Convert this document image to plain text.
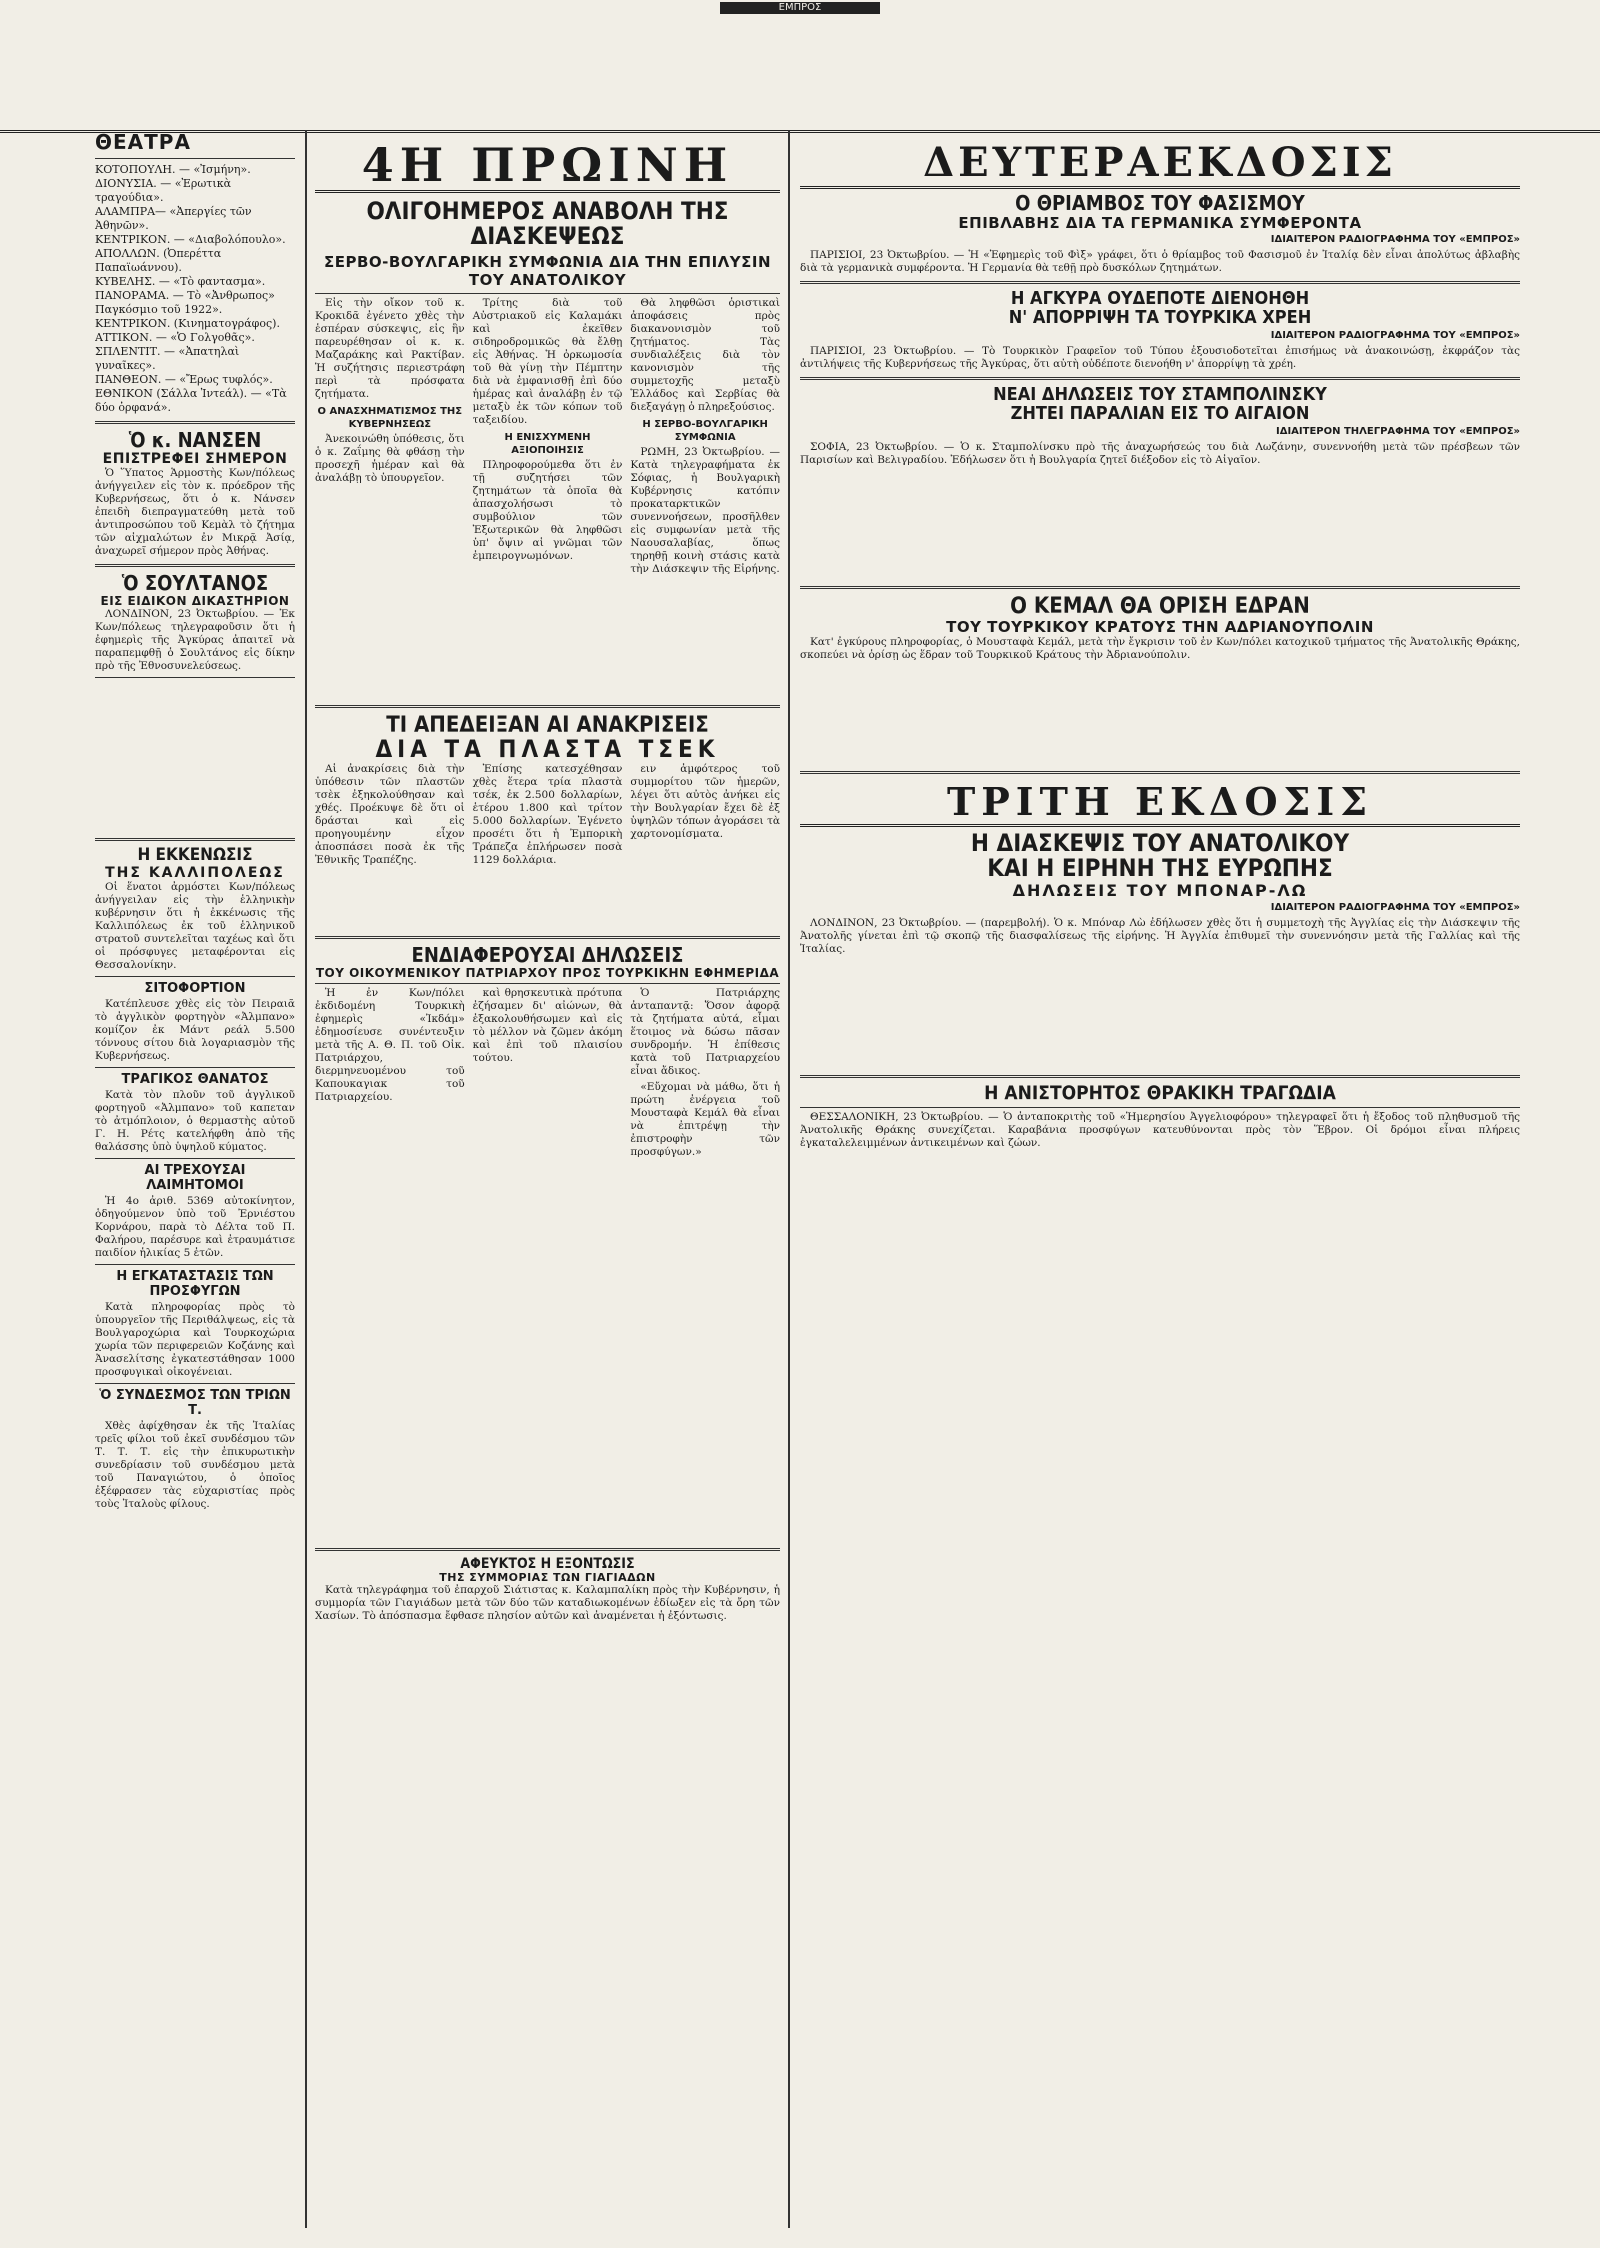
ΕΜΠΡΟΣ
ΘΕΑΤΡΑ
ΚΟΤΟΠΟΥΛΗ. — «Ἰσμήνη».
ΔΙΟΝΥΣΙΑ. — «Ἐρωτικὰ τραγούδια».
ΑΛΑΜΠΡΑ— «Ἀπεργίες τῶν Ἀθηνῶν».
ΚΕΝΤΡΙΚΟΝ. — «Διαβολόπουλο».
ΑΠΟΛΛΩΝ. (Ὀπερέττα Παπαϊωάννου).
ΚΥΒΕΛΗΣ. — «Τὸ φαντασμα».
ΠΑΝΟΡΑΜΑ. — Τὸ «Ἀνθρωπος» Παγκόσμιο τοῦ 1922».
ΚΕΝΤΡΙΚΟΝ. (Κινηματογράφος).
ΑΤΤΙΚΟΝ. — «Ὁ Γολγοθᾶς».
ΣΠΛΕΝΤΙΤ. — «Ἀπατηλαὶ γυναῖκες».
ΠΑΝΘΕΟΝ. — «Ἔρως τυφλός».
ΕΘΝΙΚΟΝ (Σάλλα Ἰντεάλ). — «Τὰ δύο ὀρφανά».
Ὁ κ. ΝΑΝΣΕΝ
ΕΠΙΣΤΡΕΦΕΙ ΣΗΜΕΡΟΝ

Ὁ Ὕπατος Ἁρμοστὴς Κων/πόλεως ἀνήγγειλεν εἰς τὸν κ. πρόεδρον τῆς Κυβερνήσεως, ὅτι ὁ κ. Νάνσεν ἐπειδὴ διεπραγματεύθη μετὰ τοῦ ἀντιπροσώπου τοῦ Κεμὰλ τὸ ζήτημα τῶν αἰχμαλώτων ἐν Μικρᾷ Ἀσίᾳ, ἀναχωρεῖ σήμερον πρὸς Ἀθήνας.

Ὁ ΣΟΥΛΤΑΝΟΣ
ΕΙΣ ΕΙΔΙΚΟΝ ΔΙΚΑΣΤΗΡΙΟΝ

ΛΟΝΔΙΝΟΝ, 23 Ὀκτωβρίου. — Ἐκ Κων/πόλεως τηλεγραφοῦσιν ὅτι ἡ ἐφημερὶς τῆς Ἀγκύρας ἀπαιτεῖ νὰ παραπεμφθῇ ὁ Σουλτάνος εἰς δίκην πρὸ τῆς Ἐθνοσυνελεύσεως.

Η ΕΚΚΕΝΩΣΙΣ
ΤΗΣ ΚΑΛΛΙΠΟΛΕΩΣ

Οἱ ἕνατοι ἀρμόστει Κων/πόλεως ἀνήγγειλαν εἰς τὴν ἑλληνικὴν κυβέρνησιν ὅτι ἡ ἐκκένωσις τῆς Καλλιπόλεως ἐκ τοῦ ἑλληνικοῦ στρατοῦ συντελεῖται ταχέως καὶ ὅτι οἱ πρόσφυγες μεταφέρονται εἰς Θεσσαλονίκην.

ΣΙΤΟΦΟΡΤΙΟΝ

Κατέπλευσε χθὲς εἰς τὸν Πειραιᾶ τὸ ἀγγλικὸν φορτηγὸν «Ἀλμπανο» κομίζον ἐκ Μάντ ρεάλ 5.500 τόννους σίτου διὰ λογαριασμὸν τῆς Κυβερνήσεως.

ΤΡΑΓΙΚΟΣ ΘΑΝΑΤΟΣ

Κατὰ τὸν πλοῦν τοῦ ἀγγλικοῦ φορτηγοῦ «Ἀλμπανο» τοῦ καπεταν τὸ ἀτμόπλοιον, ὁ θερμαστὴς αὐτοῦ Γ. Η. Ρέτς κατελήφθη ἀπὸ τῆς θαλάσσης ὑπὸ ὑψηλοῦ κύματος.

ΑΙ ΤΡΕΧΟΥΣΑΙ ΛΑΙΜΗΤΟΜΟΙ

Ἡ 4ο ἀριθ. 5369 αὐτοκίνητον, ὁδηγούμενον ὑπὸ τοῦ Ἐρνιέστου Κορνάρου, παρὰ τὸ Δέλτα τοῦ Π. Φαλήρου, παρέσυρε καὶ ἐτραυμάτισε παιδίον ἡλικίας 5 ἐτῶν.

Η ΕΓΚΑΤΑΣΤΑΣΙΣ ΤΩΝ ΠΡΟΣΦΥΓΩΝ

Κατὰ πληροφορίας πρὸς τὸ ὑπουργεῖον τῆς Περιθάλψεως, εἰς τὰ Βουλγαροχώρια καὶ Τουρκοχώρια χωρία τῶν περιφερειῶν Κοζάνης καὶ Ἀνασελίτσης ἐγκατεστάθησαν 1000 προσφυγικαὶ οἰκογένειαι.

Ὁ ΣΥΝΔΕΣΜΟΣ ΤΩΝ ΤΡΙΩΝ Τ.

Χθὲς ἀφίχθησαν ἐκ τῆς Ἰταλίας τρεῖς φίλοι τοῦ ἐκεῖ συνδέσμου τῶν Τ. Τ. Τ. εἰς τὴν ἐπικυρωτικὴν συνεδρίασιν τοῦ συνδέσμου μετὰ τοῦ Παναγιώτου, ὁ ὁποῖος ἐξέφρασεν τὰς εὐχαριστίας πρὸς τοὺς Ἰταλοὺς φίλους.

4Η ΠΡΩΙΝΗ
ΟΛΙΓΟΗΜΕΡΟΣ ΑΝΑΒΟΛΗ ΤΗΣ ΔΙΑΣΚΕΨΕΩΣ
ΣΕΡΒΟ-ΒΟΥΛΓΑΡΙΚΗ ΣΥΜΦΩΝΙΑ ΔΙΑ ΤΗΝ ΕΠΙΛΥΣΙΝ ΤΟΥ ΑΝΑΤΟΛΙΚΟΥ

Εἰς τὴν οἴκον τοῦ κ. Κροκιδᾶ ἐγένετο χθὲς τὴν ἑσπέραν σύσκεψις, εἰς ἣν παρευρέθησαν οἱ κ. κ. Μαζαράκης καὶ Ρακτίβαν. Ἡ συζήτησις περιεστράφη περὶ τὰ πρόσφατα ζητήματα.

Ο ΑΝΑΣΧΗΜΑΤΙΣΜΟΣ ΤΗΣ ΚΥΒΕΡΝΗΣΕΩΣ

Ἀνεκοινώθη ὑπόθεσις, ὅτι ὁ κ. Ζαΐμης θὰ φθάσῃ τὴν προσεχῆ ἡμέραν καὶ θὰ ἀναλάβῃ τὸ ὑπουργεῖον.

Τρίτης διὰ τοῦ Αὐστριακοῦ εἰς Καλαμάκι καὶ ἐκεῖθεν σιδηροδρομικῶς θὰ ἔλθῃ εἰς Ἀθήνας. Ἡ ὀρκωμοσία τοῦ θὰ γίνῃ τὴν Πέμπτην διὰ νὰ ἐμφανισθῇ ἐπὶ δύο ἡμέρας καὶ ἀναλάβῃ ἐν τῷ μεταξὺ ἐκ τῶν κόπων τοῦ ταξειδίου.

Η ΕΝΙΣΧΥΜΕΝΗ ΑΞΙΟΠΟΙΗΣΙΣ

Πληροφορούμεθα ὅτι ἐν τῇ συζητήσει τῶν ζητημάτων τὰ ὁποῖα θὰ ἀπασχολήσωσι τὸ συμβούλιον τῶν Ἐξωτερικῶν θὰ ληφθῶσι ὑπ' ὄψιν αἱ γνῶμαι τῶν ἐμπειρογνωμόνων.

Θὰ ληφθῶσι ὁριστικαὶ ἀποφάσεις πρὸς διακανονισμὸν τοῦ ζητήματος. Τὰς συνδιαλέξεις διὰ τὸν κανονισμὸν τῆς συμμετοχῆς μεταξὺ Ἑλλάδος καὶ Σερβίας θὰ διεξαγάγῃ ὁ πληρεξούσιος.

Η ΣΕΡΒΟ-ΒΟΥΛΓΑΡΙΚΗ ΣΥΜΦΩΝΙΑ

ΡΩΜΗ, 23 Ὀκτωβρίου. — Κατὰ τηλεγραφήματα ἐκ Σόφιας, ἡ Βουλγαρικὴ Κυβέρνησις κατόπιν προκαταρκτικῶν συνεννοήσεων, προσῆλθεν εἰς συμφωνίαν μετὰ τῆς Ναουσαλαβίας, ὅπως τηρηθῇ κοινὴ στάσις κατὰ τὴν Διάσκεψιν τῆς Εἰρήνης.

ΤΙ ΑΠΕΔΕΙΞΑΝ ΑΙ ΑΝΑΚΡΙΣΕΙΣ
ΔΙΑ ΤΑ ΠΛΑΣΤΑ ΤΣΕΚ

Αἱ ἀνακρίσεις διὰ τὴν ὑπόθεσιν τῶν πλαστῶν τσὲκ ἐξηκολούθησαν καὶ χθές. Προέκυψε δὲ ὅτι οἱ δράσται καὶ εἰς προηγουμένην εἶχον ἀποσπάσει ποσὰ ἐκ τῆς Ἐθνικῆς Τραπέζης.

Ἐπίσης κατεσχέθησαν χθὲς ἕτερα τρία πλαστὰ τσέκ, ἐκ 2.500 δολλαρίων, ἑτέρου 1.800 καὶ τρίτον 5.000 δολλαρίων. Ἐγένετο προσέτι ὅτι ἡ Ἐμπορικὴ Τράπεζα ἐπλήρωσεν ποσὰ 1129 δολλάρια.

ειν ἀμφότερος τοῦ συμμορίτου τῶν ἡμερῶν, λέγει ὅτι αὐτὸς ἀνήκει εἰς τὴν Βουλγαρίαν ἔχει δὲ ἐξ ὑψηλῶν τόπων ἀγοράσει τὰ χαρτονομίσματα.

ΕΝΔΙΑΦΕΡΟΥΣΑΙ ΔΗΛΩΣΕΙΣ
ΤΟΥ ΟΙΚΟΥΜΕΝΙΚΟΥ ΠΑΤΡΙΑΡΧΟΥ ΠΡΟΣ ΤΟΥΡΚΙΚΗΝ ΕΦΗΜΕΡΙΔΑ

Ἡ ἐν Κων/πόλει ἐκδιδομένη Τουρκικὴ ἐφημερὶς «Ἰκδάμ» ἐδημοσίευσε συνέντευξιν μετὰ τῆς Α. Θ. Π. τοῦ Οἰκ. Πατριάρχου, διερμηνευομένου τοῦ Καπουκαγιακ τοῦ Πατριαρχείου.

καὶ θρησκευτικὰ πρότυπα ἐζήσαμεν δι' αἰώνων, θὰ ἐξακολουθήσωμεν καὶ εἰς τὸ μέλλον νὰ ζῶμεν ἀκόμη καὶ ἐπὶ τοῦ πλαισίου τούτου.

Ὁ Πατριάρχης ἀνταπαντᾷ: Ὅσον ἀφορᾷ τὰ ζητήματα αὐτά, εἶμαι ἕτοιμος νὰ δώσω πᾶσαν συνδρομήν. Ἡ ἐπίθεσις κατὰ τοῦ Πατριαρχείου εἶναι ἄδικος.

«Εὔχομαι νὰ μάθω, ὅτι ἡ πρώτη ἐνέργεια τοῦ Μουσταφὰ Κεμάλ θὰ εἶναι νὰ ἐπιτρέψῃ τὴν ἐπιστροφὴν τῶν προσφύγων.»

ΑΦΕΥΚΤΟΣ Η ΕΞΟΝΤΩΣΙΣ
ΤΗΣ ΣΥΜΜΟΡΙΑΣ ΤΩΝ ΓΙΑΓΙΑΔΩΝ

Κατὰ τηλεγράφημα τοῦ ἐπαρχοῦ Σιάτιστας κ. Καλαμπαλίκη πρὸς τὴν Κυβέρνησιν, ἡ συμμορία τῶν Γιαγιάδων μετὰ τῶν δύο τῶν καταδιωκομένων ἐδίωξεν εἰς τὰ ὄρη τῶν Χασίων. Τὸ ἀπόσπασμα ἔφθασε πλησίον αὐτῶν καὶ ἀναμένεται ἡ ἐξόντωσις.

ΔΕΥΤΕΡΑΕΚΔΟΣΙΣ
Ο ΘΡΙΑΜΒΟΣ ΤΟΥ ΦΑΣΙΣΜΟΥ
ΕΠΙΒΛΑΒΗΣ ΔΙΑ ΤΑ ΓΕΡΜΑΝΙΚΑ ΣΥΜΦΕΡΟΝΤΑ
ΙΔΙΑΙΤΕΡΟΝ ΡΑΔΙΟΓΡΑΦΗΜΑ ΤΟΥ «ΕΜΠΡΟΣ»

ΠΑΡΙΣΙΟΙ, 23 Ὀκτωβρίου. — Ἡ «Ἐφημερὶς τοῦ Φὶξ» γράφει, ὅτι ὁ θρίαμβος τοῦ Φασισμοῦ ἐν Ἰταλίᾳ δὲν εἶναι ἀπολύτως ἀβλαβὴς διὰ τὰ γερμανικὰ συμφέροντα. Ἡ Γερμανία θὰ τεθῇ πρὸ δυσκόλων ζητημάτων.

Η ΑΓΚΥΡΑ ΟΥΔΕΠΟΤΕ ΔΙΕΝΟΗΘΗ
Ν' ΑΠΟΡΡΙΨΗ ΤΑ ΤΟΥΡΚΙΚΑ ΧΡΕΗ
ΙΔΙΑΙΤΕΡΟΝ ΡΑΔΙΟΓΡΑΦΗΜΑ ΤΟΥ «ΕΜΠΡΟΣ»

ΠΑΡΙΣΙΟΙ, 23 Ὀκτωβρίου. — Τὸ Τουρκικὸν Γραφεῖον τοῦ Τύπου ἐξουσιοδοτεῖται ἐπισήμως νὰ ἀνακοινώσῃ, ἐκφράζον τὰς ἀντιλήψεις τῆς Κυβερνήσεως τῆς Ἀγκύρας, ὅτι αὐτὴ οὐδέποτε διενοήθη ν' ἀπορρίψῃ τὰ χρέη.

ΝΕΑΙ ΔΗΛΩΣΕΙΣ ΤΟΥ ΣΤΑΜΠΟΛΙΝΣΚΥ
ΖΗΤΕΙ ΠΑΡΑΛΙΑΝ ΕΙΣ ΤΟ ΑΙΓΑΙΟΝ
ΙΔΙΑΙΤΕΡΟΝ ΤΗΛΕΓΡΑΦΗΜΑ ΤΟΥ «ΕΜΠΡΟΣ»

ΣΟΦΙΑ, 23 Ὀκτωβρίου. — Ὁ κ. Σταμπολίνσκυ πρὸ τῆς ἀναχωρήσεώς του διὰ Λωζάνην, συνεννοήθη μετὰ τῶν πρέσβεων τῶν Παρισίων καὶ Βελιγραδίου. Ἐδήλωσεν ὅτι ἡ Βουλγαρία ζητεῖ διέξοδον εἰς τὸ Αἰγαῖον.

Ο ΚΕΜΑΛ ΘΑ ΟΡΙΣΗ ΕΔΡΑΝ
ΤΟΥ ΤΟΥΡΚΙΚΟΥ ΚΡΑΤΟΥΣ ΤΗΝ ΑΔΡΙΑΝΟΥΠΟΛΙΝ

Κατ' ἐγκύρους πληροφορίας, ὁ Μουσταφὰ Κεμάλ, μετὰ τὴν ἔγκρισιν τοῦ ἐν Κων/πόλει κατοχικοῦ τμήματος τῆς Ἀνατολικῆς Θράκης, σκοπεύει νὰ ὁρίσῃ ὡς ἕδραν τοῦ Τουρκικοῦ Κράτους τὴν Ἀδριανούπολιν.

ΤΡΙΤΗ ΕΚΔΟΣΙΣ
Η ΔΙΑΣΚΕΨΙΣ ΤΟΥ ΑΝΑΤΟΛΙΚΟΥ
ΚΑΙ Η ΕΙΡΗΝΗ ΤΗΣ ΕΥΡΩΠΗΣ
ΔΗΛΩΣΕΙΣ ΤΟΥ ΜΠΟΝΑΡ-ΛΩ
ΙΔΙΑΙΤΕΡΟΝ ΡΑΔΙΟΓΡΑΦΗΜΑ ΤΟΥ «ΕΜΠΡΟΣ»

ΛΟΝΔΙΝΟΝ, 23 Ὀκτωβρίου. — (παρεμβολή). Ὁ κ. Μπόναρ Λὼ ἐδήλωσεν χθὲς ὅτι ἡ συμμετοχὴ τῆς Ἀγγλίας εἰς τὴν Διάσκεψιν τῆς Ἀνατολῆς γίνεται ἐπὶ τῷ σκοπῷ τῆς διασφαλίσεως τῆς εἰρήνης. Ἡ Ἀγγλία ἐπιθυμεῖ τὴν συνεννόησιν μετὰ τῆς Γαλλίας καὶ τῆς Ἰταλίας.

Η ΑΝΙΣΤΟΡΗΤΟΣ ΘΡΑΚΙΚΗ ΤΡΑΓΩΔΙΑ

ΘΕΣΣΑΛΟΝΙΚΗ, 23 Ὀκτωβρίου. — Ὁ ἀνταποκριτὴς τοῦ «Ἡμερησίου Ἀγγελιοφόρου» τηλεγραφεῖ ὅτι ἡ ἔξοδος τοῦ πληθυσμοῦ τῆς Ἀνατολικῆς Θράκης συνεχίζεται. Καραβάνια προσφύγων κατευθύνονται πρὸς τὸν Ἕβρον. Οἱ δρόμοι εἶναι πλήρεις ἐγκαταλελειμμένων ἀντικειμένων καὶ ζώων.
